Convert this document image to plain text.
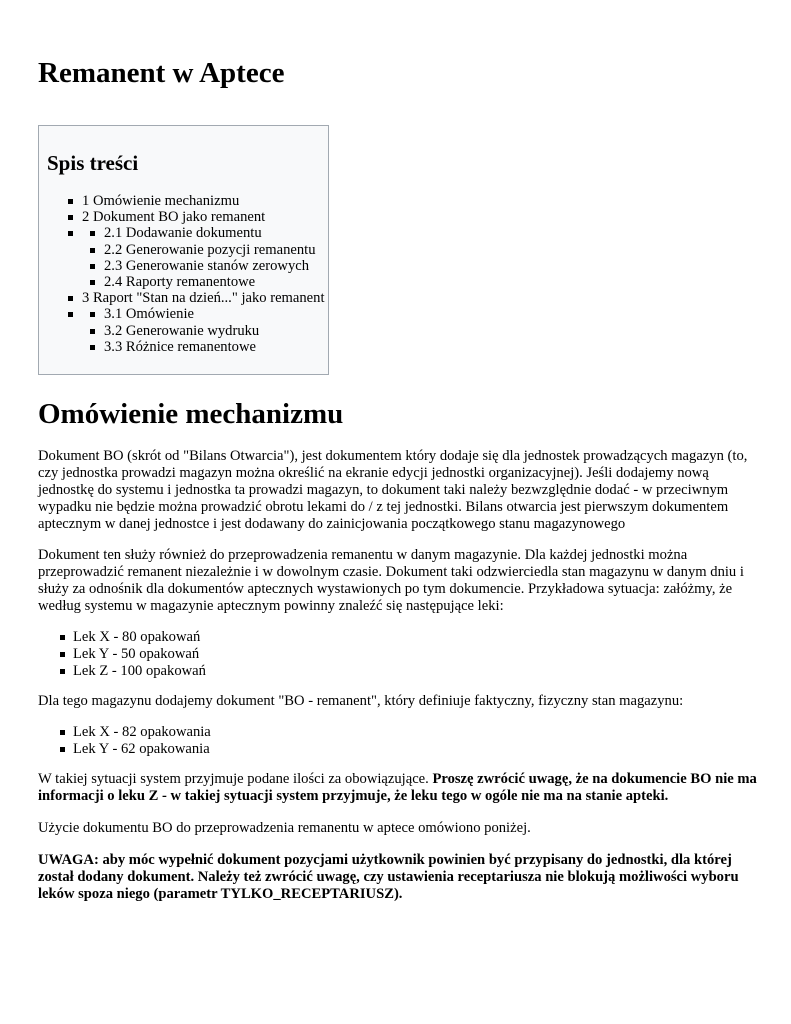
Remanent w Aptece
Spis treści
1 Omówienie mechanizmu
2 Dokument BO jako remanent
2.1 Dodawanie dokumentu
2.2 Generowanie pozycji remanentu
2.3 Generowanie stanów zerowych
2.4 Raporty remanentowe
3 Raport "Stan na dzień..." jako remanent
3.1 Omówienie
3.2 Generowanie wydruku
3.3 Różnice remanentowe
Omówienie mechanizmu

Dokument BO (skrót od "Bilans Otwarcia"), jest dokumentem który dodaje się dla jednostek prowadzących magazyn (to, czy jednostka prowadzi magazyn można określić na ekranie edycji jednostki organizacyjnej). Jeśli dodajemy nową jednostkę do systemu i jednostka ta prowadzi magazyn, to dokument taki należy bezwzględnie dodać - w przeciwnym wypadku nie będzie można prowadzić obrotu lekami do / z tej jednostki. Bilans otwarcia jest pierwszym dokumentem aptecznym w danej jednostce i jest dodawany do zainicjowania początkowego stanu magazynowego

Dokument ten służy również do przeprowadzenia remanentu w danym magazynie. Dla każdej jednostki można przeprowadzić remanent niezależnie i w dowolnym czasie. Dokument taki odzwierciedla stan magazynu w danym dniu i służy za odnośnik dla dokumentów aptecznych wystawionych po tym dokumencie. Przykładowa sytuacja: załóżmy, że według systemu w magazynie aptecznym powinny znaleźć się następujące leki:

Lek X - 80 opakowań
Lek Y - 50 opakowań
Lek Z - 100 opakowań

Dla tego magazynu dodajemy dokument "BO - remanent", który definiuje faktyczny, fizyczny stan magazynu:

Lek X - 82 opakowania
Lek Y - 62 opakowania

W takiej sytuacji system przyjmuje podane ilości za obowiązujące. Proszę zwrócić uwagę, że na dokumencie BO nie ma informacji o leku Z - w takiej sytuacji system przyjmuje, że leku tego w ogóle nie ma na stanie apteki.

Użycie dokumentu BO do przeprowadzenia remanentu w aptece omówiono poniżej.

UWAGA: aby móc wypełnić dokument pozycjami użytkownik powinien być przypisany do jednostki, dla której został dodany dokument. Należy też zwrócić uwagę, czy ustawienia receptariusza nie blokują możliwości wyboru leków spoza niego (parametr TYLKO_RECEPTARIUSZ).
